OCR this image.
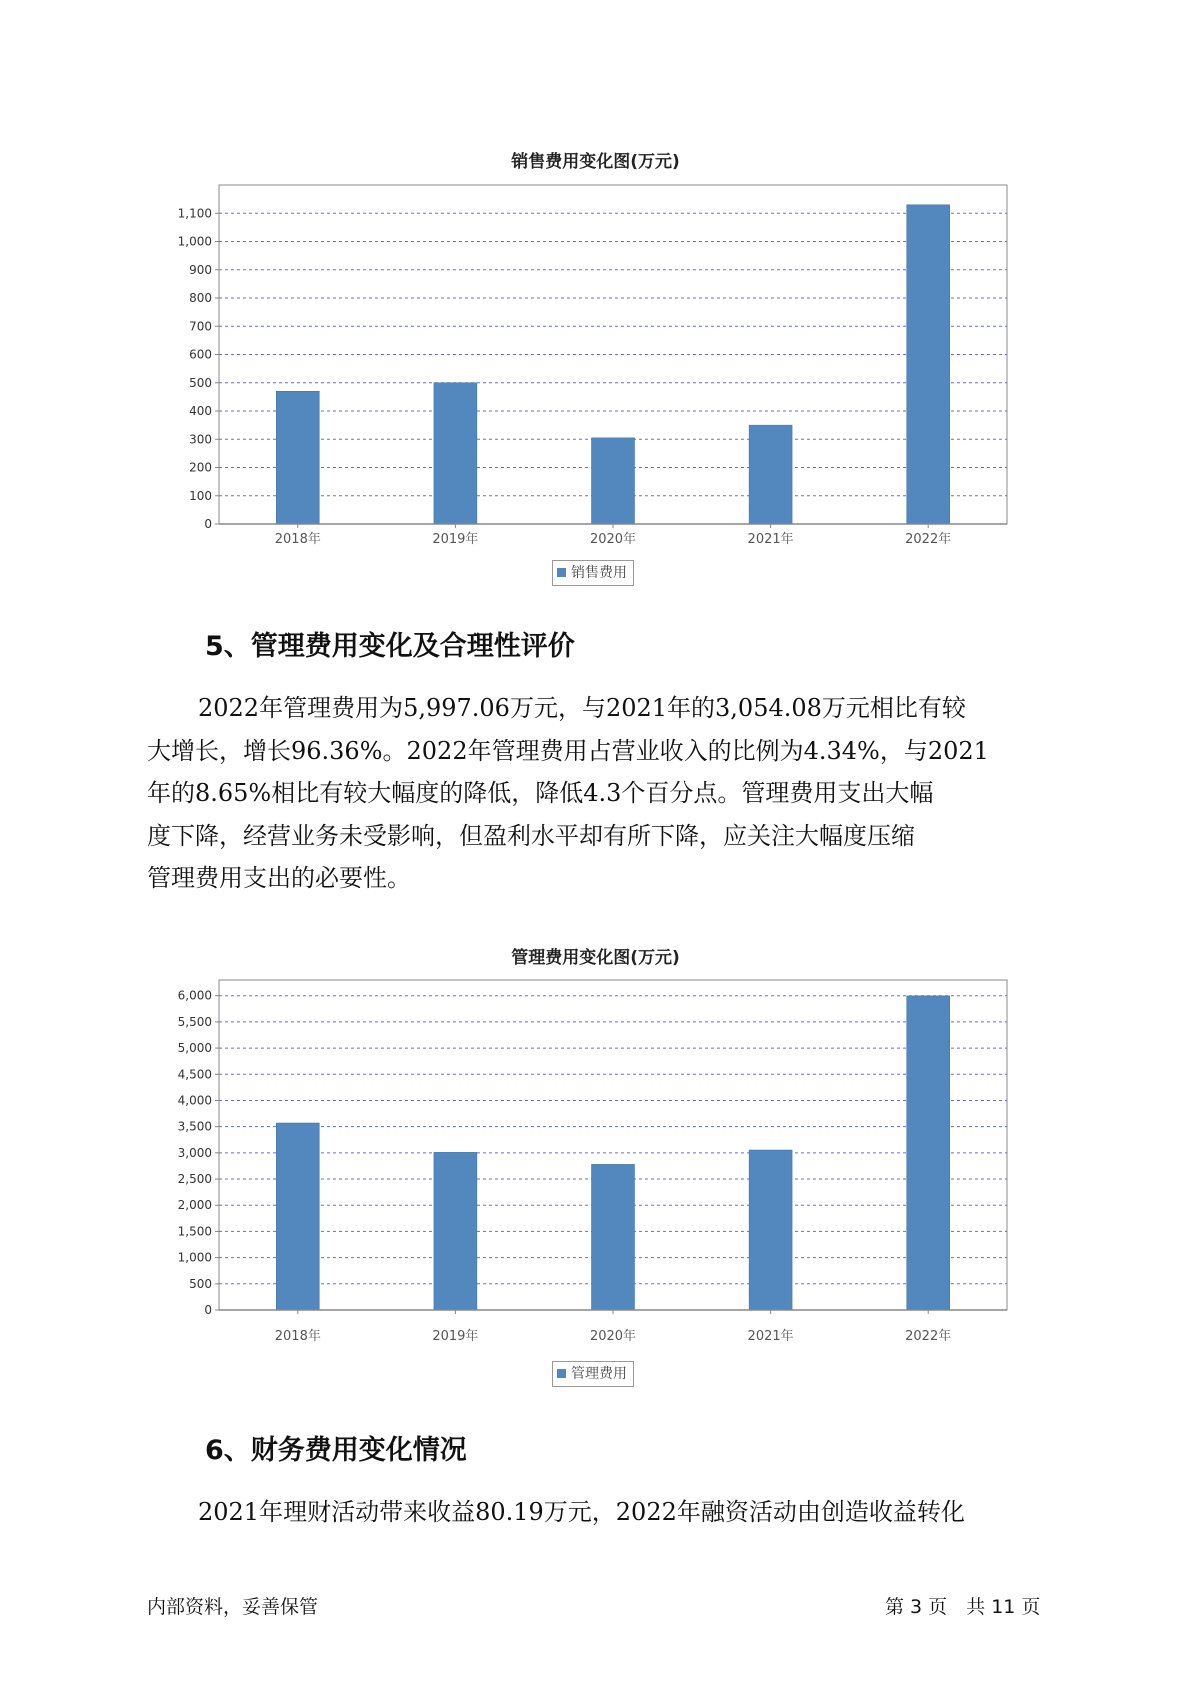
销售费用变化图(万元)
0
100
200
300
400
500
600
700
800
900
1,000
1,100
2018年	2019年	2020年	2021年	2022年
销售费用
5、管理费用变化及合理性评价
2022年管理费用为5,997.06万元，与2021年的3,054.08万元相比有较
大增长，增长96.36%。2022年管理费用占营业收入的比例为4.34%，与2021
年的8.65%相比有较大幅度的降低，降低4.3个百分点。管理费用支出大幅
度下降，经营业务未受影响，但盈利水平却有所下降，应关注大幅度压缩
管理费用支出的必要性。
管理费用变化图(万元)
0
500
1,000
1,500
2,000
2,500
3,000
3,500
4,000
4,500
5,000
5,500
6,000
2018年	2019年	2020年	2021年	2022年
管理费用
6、财务费用变化情况
2021年理财活动带来收益80.19万元，2022年融资活动由创造收益转化
内部资料，妥善保管	第 3 页　共 11 页
